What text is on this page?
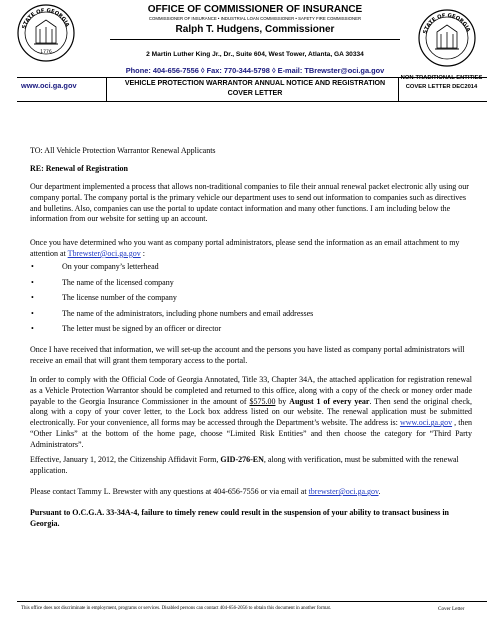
STATE OF GEORGIA
1776
STATE OF GEORGIA
OFFICE OF COMMISSIONER OF INSURANCE
COMMISSIONER OF INSURANCE • INDUSTRIAL LOAN COMMISSIONER • SAFETY FIRE COMMISSIONER
Ralph T. Hudgens, Commissioner
2 Martin Luther King Jr., Dr., Suite 604, West Tower, Atlanta, GA 30334
Phone: 404-656-7556 ◊ Fax: 770-344-5798 ◊ E-mail: TBrewster@oci.ga.gov
www.oci.ga.gov	VEHICLE PROTECTION WARRANTOR ANNUAL NOTICE AND REGISTRATION
COVER LETTER
NON-TRADITIONAL ENTITIES
COVER LETTER DEC2014
TO: All Vehicle Protection Warrantor Renewal Applicants
RE: Renewal of Registration
Our department implemented a process that allows non-traditional companies to file their annual renewal packet electronic ally using our company portal. The company portal is the primary vehicle our department uses to send out information to companies such as directives and bulletins. Also, companies can use the portal to update contact information and many other functions. I am including below the information from our website for setting up an account.
Once you have determined who you want as company portal administrators, please send the information as an email attachment to my attention at Tbrewster@oci.ga.gov :
•	On your company’s letterhead
•	The name of the licensed company
•	The license number of the company
•	The name of the administrators, including phone numbers and email addresses
•	The letter must be signed by an officer or director
Once I have received that information, we will set-up the account and the persons you have listed as company portal administrators will receive an email that will grant them temporary access to the portal.
In order to comply with the Official Code of Georgia Annotated, Title 33, Chapter 34A, the attached application for registration renewal as a Vehicle Protection Warrantor should be completed and returned to this office, along with a copy of the check or money order made payable to the Georgia Insurance Commissioner in the amount of $575.00 by August 1 of every year. Then send the original check, along with a copy of your cover letter, to the Lock box address listed on our website. The renewal application must be submitted electronically. For your convenience, all forms may be accessed through the Department’s website. The address is: www.oci.ga.gov , then “Other Links” at the bottom of the home page, choose “Limited Risk Entities” and then choose the category for “Third Party Administrators”.
Effective, January 1, 2012, the Citizenship Affidavit Form, GID-276-EN, along with verification, must be submitted with the renewal application.
Please contact Tammy L. Brewster with any questions at 404-656-7556 or via email at tbrewster@oci.ga.gov.
Pursuant to O.C.G.A. 33-34A-4, failure to timely renew could result in the suspension of your ability to transact business in Georgia.
This office does not discriminate in employment, programs or services. Disabled persons can contact 404-656-2056 to obtain this document in another format.	Cover Letter
